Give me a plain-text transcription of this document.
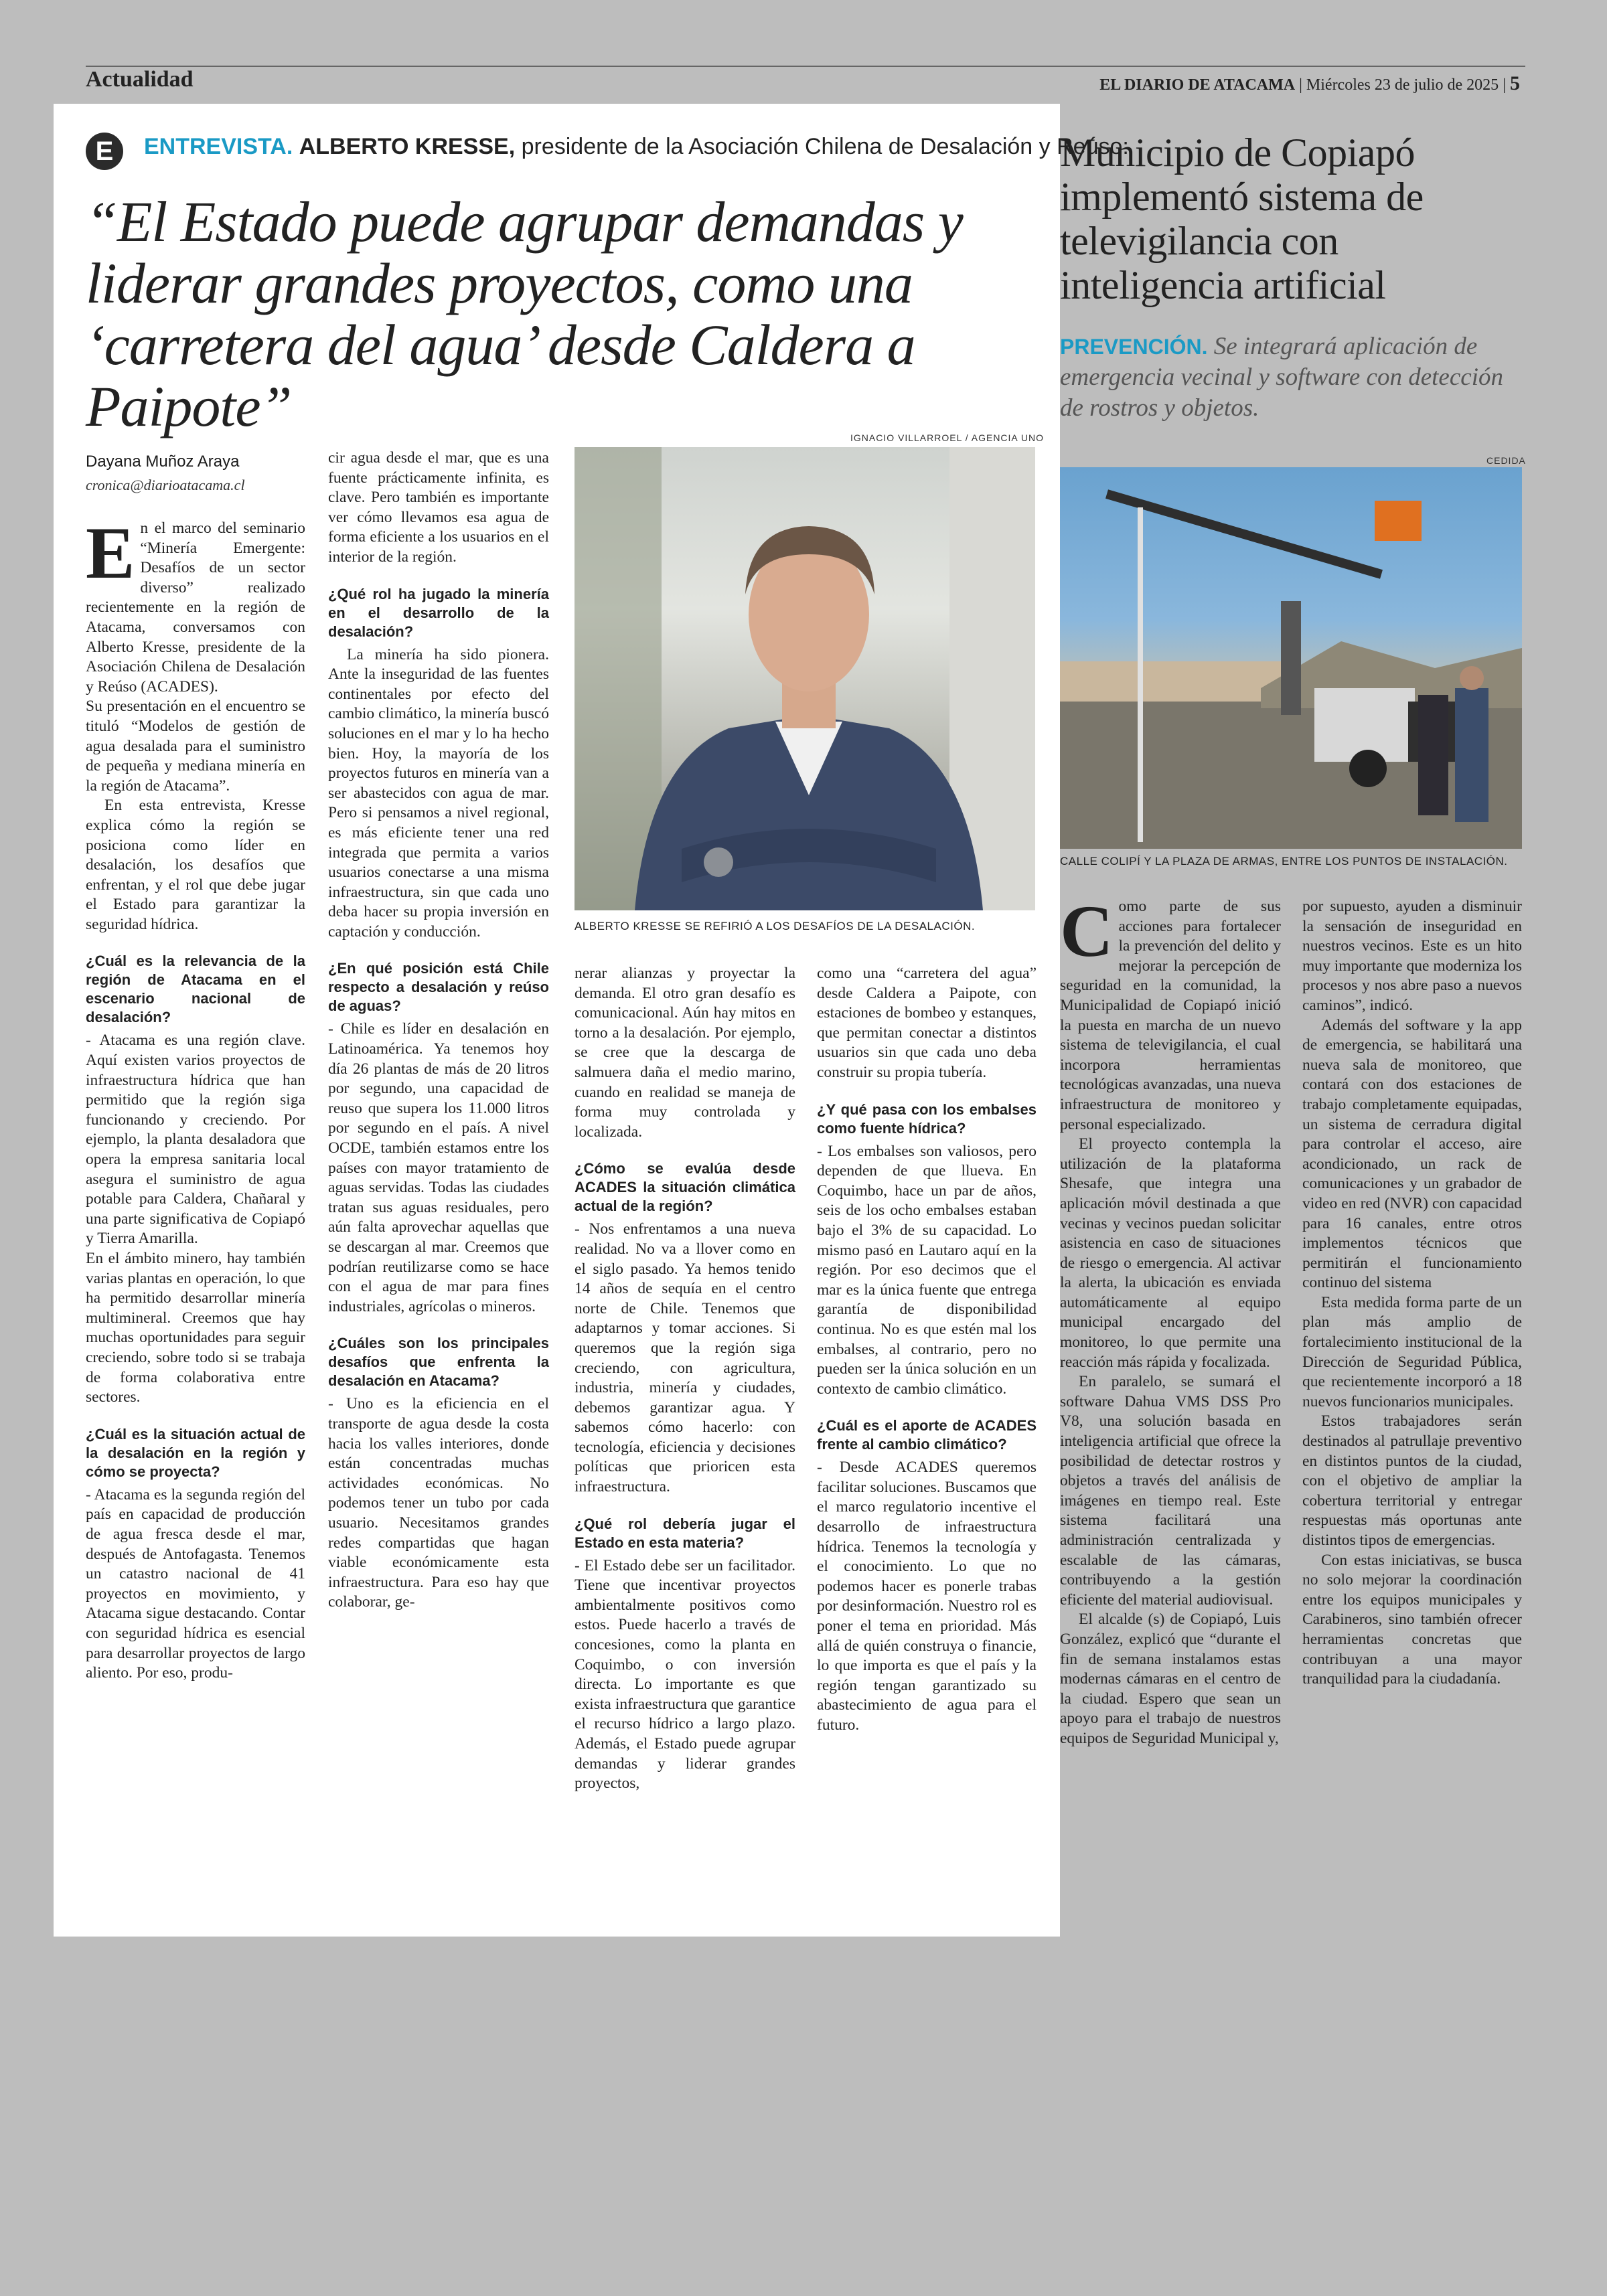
Actualidad	EL DIARIO DE ATACAMA | Miércoles 23 de julio de 2025 | 5
E	ENTREVISTA. ALBERTO KRESSE, presidente de la Asociación Chilena de Desalación y Reúso:
“El Estado puede agrupar demandas y liderar grandes proyectos, como una ‘carretera del agua’ desde Caldera a Paipote”
Dayana Muñoz Araya
cronica@diarioatacama.cl

En el marco del seminario “Minería Emergente: Desafíos de un sector diverso” realizado recientemente en la región de Atacama, conversamos con Alberto Kresse, presidente de la Asociación Chilena de Desalación y Reúso (ACADES).

Su presentación en el encuentro se tituló “Modelos de gestión de agua desalada para el suministro de pequeña y mediana minería en la región de Atacama”.

En esta entrevista, Kresse explica cómo la región se posiciona como líder en desalación, los desafíos que enfrentan, y el rol que debe jugar el Estado para garantizar la seguridad hídrica.

¿Cuál es la relevancia de la región de Atacama en el escenario nacional de desalación?

- Atacama es una región clave. Aquí existen varios proyectos de infraestructura hídrica que han permitido que la región siga funcionando y creciendo. Por ejemplo, la planta desaladora que opera la empresa sanitaria local asegura el suministro de agua potable para Caldera, Chañaral y una parte significativa de Copiapó y Tierra Amarilla.

En el ámbito minero, hay también varias plantas en operación, lo que ha permitido desarrollar minería multimineral. Creemos que hay muchas oportunidades para seguir creciendo, sobre todo si se trabaja de forma colaborativa entre sectores.

¿Cuál es la situación actual de la desalación en la región y cómo se proyecta?

- Atacama es la segunda región del país en capacidad de producción de agua fresca desde el mar, después de Antofagasta. Tenemos un catastro nacional de 41 proyectos en movimiento, y Atacama sigue destacando. Contar con seguridad hídrica es esencial para desarrollar proyectos de largo aliento. Por eso, produ-

cir agua desde el mar, que es una fuente prácticamente infinita, es clave. Pero también es importante ver cómo llevamos esa agua de forma eficiente a los usuarios en el interior de la región.

¿Qué rol ha jugado la minería en el desarrollo de la desalación?

La minería ha sido pionera. Ante la inseguridad de las fuentes continentales por efecto del cambio climático, la minería buscó soluciones en el mar y lo ha hecho bien. Hoy, la mayoría de los proyectos futuros en minería van a ser abastecidos con agua de mar. Pero si pensamos a nivel regional, es más eficiente tener una red integrada que permita a varios usuarios conectarse a una misma infraestructura, sin que cada uno deba hacer su propia inversión en captación y conducción.

¿En qué posición está Chile respecto a desalación y reúso de aguas?

- Chile es líder en desalación en Latinoamérica. Ya tenemos hoy día 26 plantas de más de 20 litros por segundo, una capacidad de reuso que supera los 11.000 litros por segundo en el país. A nivel OCDE, también estamos entre los países con mayor tratamiento de aguas servidas. Todas las ciudades tratan sus aguas residuales, pero aún falta aprovechar aquellas que se descargan al mar. Creemos que podrían reutilizarse como se hace con el agua de mar para fines industriales, agrícolas o mineros.

¿Cuáles son los principales desafíos que enfrenta la desalación en Atacama?

- Uno es la eficiencia en el transporte de agua desde la costa hacia los valles interiores, donde están concentradas muchas actividades económicas. No podemos tener un tubo por cada usuario. Necesitamos grandes redes compartidas que hagan viable económicamente esta infraestructura. Para eso hay que colaborar, ge-

IGNACIO VILLARROEL / AGENCIA UNO
ALBERTO KRESSE SE REFIRIÓ A LOS DESAFÍOS DE LA DESALACIÓN.

nerar alianzas y proyectar la demanda. El otro gran desafío es comunicacional. Aún hay mitos en torno a la desalación. Por ejemplo, se cree que la descarga de salmuera daña el medio marino, cuando en realidad se maneja de forma muy controlada y localizada.

¿Cómo se evalúa desde ACADES la situación climática actual de la región?

- Nos enfrentamos a una nueva realidad. No va a llover como en el siglo pasado. Ya hemos tenido 14 años de sequía en el centro norte de Chile. Tenemos que adaptarnos y tomar acciones. Si queremos que la región siga creciendo, con agricultura, industria, minería y ciudades, debemos garantizar agua. Y sabemos cómo hacerlo: con tecnología, eficiencia y decisiones políticas que prioricen esta infraestructura.

¿Qué rol debería jugar el Estado en esta materia?

- El Estado debe ser un facilitador. Tiene que incentivar proyectos ambientalmente positivos como estos. Puede hacerlo a través de concesiones, como la planta en Coquimbo, o con inversión directa. Lo importante es que exista infraestructura que garantice el recurso hídrico a largo plazo. Además, el Estado puede agrupar demandas y liderar grandes proyectos,

como una “carretera del agua” desde Caldera a Paipote, con estaciones de bombeo y estanques, que permitan conectar a distintos usuarios sin que cada uno deba construir su propia tubería.

¿Y qué pasa con los embalses como fuente hídrica?

- Los embalses son valiosos, pero dependen de que llueva. En Coquimbo, hace un par de años, seis de los ocho embalses estaban bajo el 3% de su capacidad. Lo mismo pasó en Lautaro aquí en la región. Por eso decimos que el mar es la única fuente que entrega garantía de disponibilidad continua. No es que estén mal los embalses, al contrario, pero no pueden ser la única solución en un contexto de cambio climático.

¿Cuál es el aporte de ACADES frente al cambio climático?

- Desde ACADES queremos facilitar soluciones. Buscamos que el marco regulatorio incentive el desarrollo de infraestructura hídrica. Tenemos la tecnología y el conocimiento. Lo que no podemos hacer es ponerle trabas por desinformación. Nuestro rol es poner el tema en prioridad. Más allá de quién construya o financie, lo que importa es que el país y la región tengan garantizado su abastecimiento de agua para el futuro.

Municipio de Copiapó implementó sistema de televigilancia con inteligencia artificial
PREVENCIÓN. Se integrará aplicación de emergencia vecinal y software con detección de rostros y objetos.
CEDIDA
CALLE COLIPÍ Y LA PLAZA DE ARMAS, ENTRE LOS PUNTOS DE INSTALACIÓN.

Como parte de sus acciones para fortalecer la prevención del delito y mejorar la percepción de seguridad en la comunidad, la Municipalidad de Copiapó inició la puesta en marcha de un nuevo sistema de televigilancia, el cual incorpora herramientas tecnológicas avanzadas, una nueva infraestructura de monitoreo y personal especializado.

El proyecto contempla la utilización de la plataforma Shesafe, que integra una aplicación móvil destinada a que vecinas y vecinos puedan solicitar asistencia en caso de situaciones de riesgo o emergencia. Al activar la alerta, la ubicación es enviada automáticamente al equipo municipal encargado del monitoreo, lo que permite una reacción más rápida y focalizada.

En paralelo, se sumará el software Dahua VMS DSS Pro V8, una solución basada en inteligencia artificial que ofrece la posibilidad de detectar rostros y objetos a través del análisis de imágenes en tiempo real. Este sistema facilitará una administración centralizada y escalable de las cámaras, contribuyendo a la gestión eficiente del material audiovisual.

El alcalde (s) de Copiapó, Luis González, explicó que “durante el fin de semana instalamos estas modernas cámaras en el centro de la ciudad. Espero que sean un apoyo para el trabajo de nuestros equipos de Seguridad Municipal y,

por supuesto, ayuden a disminuir la sensación de inseguridad en nuestros vecinos. Este es un hito muy importante que moderniza los procesos y nos abre paso a nuevos caminos”, indicó.

Además del software y la app de emergencia, se habilitará una nueva sala de monitoreo, que contará con dos estaciones de trabajo completamente equipadas, un sistema de cerradura digital para controlar el acceso, aire acondicionado, un rack de comunicaciones y un grabador de video en red (NVR) con capacidad para 16 canales, entre otros implementos técnicos que permitirán el funcionamiento continuo del sistema

Esta medida forma parte de un plan más amplio de fortalecimiento institucional de la Dirección de Seguridad Pública, que recientemente incorporó a 18 nuevos funcionarios municipales.

Estos trabajadores serán destinados al patrullaje preventivo en distintos puntos de la ciudad, con el objetivo de ampliar la cobertura territorial y entregar respuestas más oportunas ante distintos tipos de emergencias.

Con estas iniciativas, se busca no solo mejorar la coordinación entre los equipos municipales y Carabineros, sino también ofrecer herramientas concretas que contribuyan a una mayor tranquilidad para la ciudadanía.
